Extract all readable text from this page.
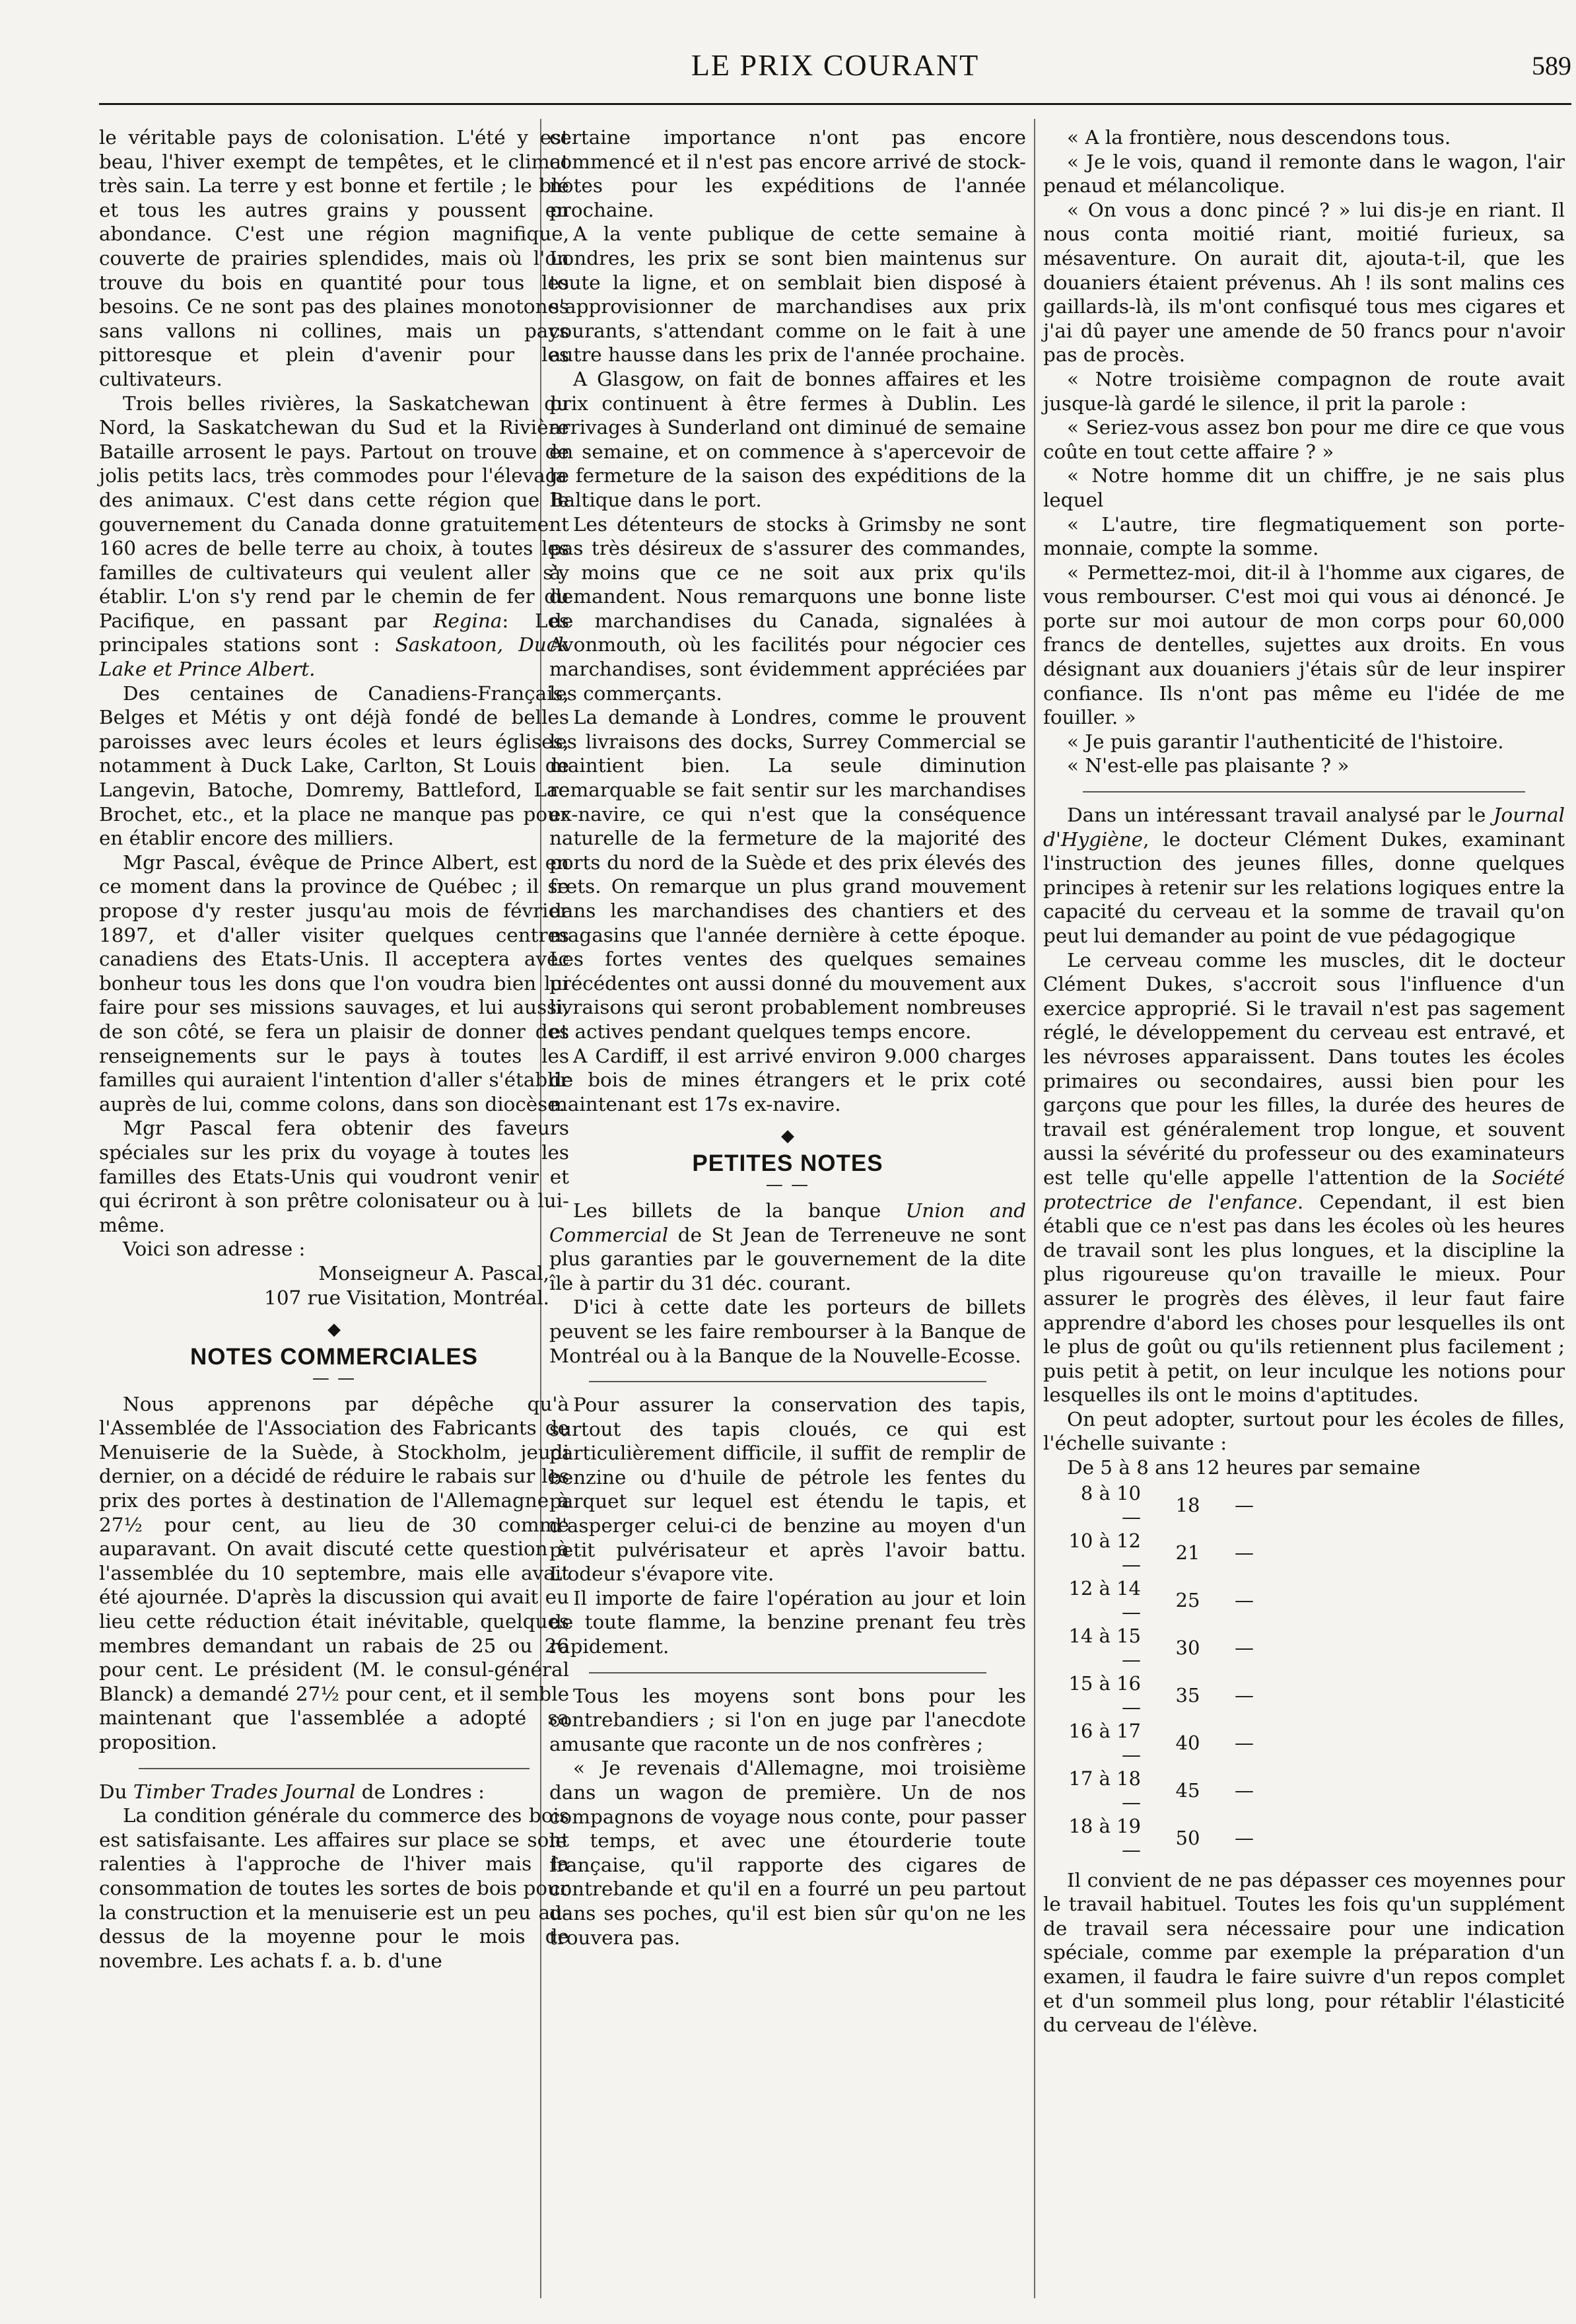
LE PRIX COURANT	589

le véritable pays de colonisation. L'été y est beau, l'hiver exempt de tempêtes, et le climat très sain. La terre y est bonne et fertile ; le blé et tous les autres grains y poussent en abondance. C'est une région magnifique, couverte de prairies splendides, mais où l'on trouve du bois en quantité pour tous les besoins. Ce ne sont pas des plaines monotones sans vallons ni collines, mais un pays pittoresque et plein d'avenir pour les cultivateurs.

Trois belles rivières, la Saskatchewan du Nord, la Saskatchewan du Sud et la Rivière Bataille arrosent le pays. Partout on trouve de jolis petits lacs, très commodes pour l'élevage des animaux. C'est dans cette région que le gouvernement du Canada donne gratuitement 160 acres de belle terre au choix, à toutes les familles de cultivateurs qui veulent aller s'y établir. L'on s'y rend par le chemin de fer du Pacifique, en passant par Regina: Les principales stations sont : Saskatoon, Duck Lake et Prince Albert.

Des centaines de Canadiens-Français, Belges et Métis y ont déjà fondé de belles paroisses avec leurs écoles et leurs églises, notamment à Duck Lake, Carlton, St Louis de Langevin, Batoche, Domremy, Battleford, Lac Brochet, etc., et la place ne manque pas pour en établir encore des milliers.

Mgr Pascal, évêque de Prince Albert, est en ce moment dans la province de Québec ; il se propose d'y rester jusqu'au mois de février 1897, et d'aller visiter quelques centres canadiens des Etats-Unis. Il acceptera avec bonheur tous les dons que l'on voudra bien lui faire pour ses missions sauvages, et lui aussi, de son côté, se fera un plaisir de donner des renseignements sur le pays à toutes les familles qui auraient l'intention d'aller s'établir auprès de lui, comme colons, dans son diocèse.

Mgr Pascal fera obtenir des faveurs spéciales sur les prix du voyage à toutes les familles des Etats-Unis qui voudront venir et qui écriront à son prêtre colonisateur ou à lui-même.

Voici son adresse :

Monseigneur A. Pascal,

107 rue Visitation, Montréal.

◆
NOTES COMMERCIALES
— —

Nous apprenons par dépêche qu'à l'Assemblée de l'Association des Fabricants de Menuiserie de la Suède, à Stockholm, jeudi dernier, on a décidé de réduire le rabais sur les prix des portes à destination de l'Allemagne à 27½ pour cent, au lieu de 30 comme auparavant. On avait discuté cette question à l'assemblée du 10 septembre, mais elle avait été ajournée. D'après la discussion qui avait eu lieu cette réduction était inévitable, quelques membres demandant un rabais de 25 ou 26 pour cent. Le président (M. le consul-général Blanck) a demandé 27½ pour cent, et il semble maintenant que l'assemblée a adopté sa proposition.

Du Timber Trades Journal de Londres :

La condition générale du commerce des bois est satisfaisante. Les affaires sur place se sont ralenties à l'approche de l'hiver mais la consommation de toutes les sortes de bois pour la construction et la menuiserie est un peu au-dessus de la moyenne pour le mois de novembre. Les achats f. a. b. d'une

certaine importance n'ont pas encore commencé et il n'est pas encore arrivé de stock-notes pour les expéditions de l'année prochaine.

A la vente publique de cette semaine à Londres, les prix se sont bien maintenus sur toute la ligne, et on semblait bien disposé à s'approvisionner de marchandises aux prix courants, s'attendant comme on le fait à une autre hausse dans les prix de l'année prochaine.

A Glasgow, on fait de bonnes affaires et les prix continuent à être fermes à Dublin. Les arrivages à Sunderland ont diminué de semaine en semaine, et on commence à s'apercevoir de la fermeture de la saison des expéditions de la Baltique dans le port.

Les détenteurs de stocks à Grimsby ne sont pas très désireux de s'assurer des commandes, à moins que ce ne soit aux prix qu'ils demandent. Nous remarquons une bonne liste de marchandises du Canada, signalées à Avonmouth, où les facilités pour négocier ces marchandises, sont évidemment appréciées par les commerçants.

La demande à Londres, comme le prouvent les livraisons des docks, Surrey Commercial se maintient bien. La seule diminution remarquable se fait sentir sur les marchandises ex-navire, ce qui n'est que la conséquence naturelle de la fermeture de la majorité des ports du nord de la Suède et des prix élevés des frets. On remarque un plus grand mouvement dans les marchandises des chantiers et des magasins que l'année dernière à cette époque. Les fortes ventes des quelques semaines précédentes ont aussi donné du mouvement aux livraisons qui seront probablement nombreuses et actives pendant quelques temps encore.

A Cardiff, il est arrivé environ 9.000 charges de bois de mines étrangers et le prix coté maintenant est 17s ex-navire.

◆
PETITES NOTES
— —

Les billets de la banque Union and Commercial de St Jean de Terreneuve ne sont plus garanties par le gouvernement de la dite île à partir du 31 déc. courant.

D'ici à cette date les porteurs de billets peuvent se les faire rembourser à la Banque de Montréal ou à la Banque de la Nouvelle-Ecosse.

Pour assurer la conservation des tapis, surtout des tapis cloués, ce qui est particulièrement difficile, il suffit de remplir de benzine ou d'huile de pétrole les fentes du parquet sur lequel est étendu le tapis, et d'asperger celui-ci de benzine au moyen d'un petit pulvérisateur et après l'avoir battu. L'odeur s'évapore vite.

Il importe de faire l'opération au jour et loin de toute flamme, la benzine prenant feu très rapidement.

Tous les moyens sont bons pour les contrebandiers ; si l'on en juge par l'anecdote amusante que raconte un de nos confrères ;

« Je revenais d'Allemagne, moi troisième dans un wagon de première. Un de nos compagnons de voyage nous conte, pour passer le temps, et avec une étourderie toute française, qu'il rapporte des cigares de contrebande et qu'il en a fourré un peu partout dans ses poches, qu'il est bien sûr qu'on ne les trouvera pas.

« A la frontière, nous descendons tous.

« Je le vois, quand il remonte dans le wagon, l'air penaud et mélancolique.

« On vous a donc pincé ? » lui dis-je en riant. Il nous conta moitié riant, moitié furieux, sa mésaventure. On aurait dit, ajouta-t-il, que les douaniers étaient prévenus. Ah ! ils sont malins ces gaillards-là, ils m'ont confisqué tous mes cigares et j'ai dû payer une amende de 50 francs pour n'avoir pas de procès.

« Notre troisième compagnon de route avait jusque-là gardé le silence, il prit la parole :

« Seriez-vous assez bon pour me dire ce que vous coûte en tout cette affaire ? »

« Notre homme dit un chiffre, je ne sais plus lequel

« L'autre, tire flegmatiquement son porte-monnaie, compte la somme.

« Permettez-moi, dit-il à l'homme aux cigares, de vous rembourser. C'est moi qui vous ai dénoncé. Je porte sur moi autour de mon corps pour 60,000 francs de dentelles, sujettes aux droits. En vous désignant aux douaniers j'étais sûr de leur inspirer confiance. Ils n'ont pas même eu l'idée de me fouiller. »

« Je puis garantir l'authenticité de l'histoire.

« N'est-elle pas plaisante ? »

Dans un intéressant travail analysé par le Journal d'Hygiène, le docteur Clément Dukes, examinant l'instruction des jeunes filles, donne quelques principes à retenir sur les relations logiques entre la capacité du cerveau et la somme de travail qu'on peut lui demander au point de vue pédagogique

Le cerveau comme les muscles, dit le docteur Clément Dukes, s'accroit sous l'influence d'un exercice approprié. Si le travail n'est pas sagement réglé, le développement du cerveau est entravé, et les névroses apparaissent. Dans toutes les écoles primaires ou secondaires, aussi bien pour les garçons que pour les filles, la durée des heures de travail est généralement trop longue, et souvent aussi la sévérité du professeur ou des examinateurs est telle qu'elle appelle l'attention de la Société protectrice de l'enfance. Cependant, il est bien établi que ce n'est pas dans les écoles où les heures de travail sont les plus longues, et la discipline la plus rigoureuse qu'on travaille le mieux. Pour assurer le progrès des élèves, il leur faut faire apprendre d'abord les choses pour lesquelles ils ont le plus de goût ou qu'ils retiennent plus facilement ; puis petit à petit, on leur inculque les notions pour lesquelles ils ont le moins d'aptitudes.

On peut adopter, surtout pour les écoles de filles, l'échelle suivante :

De 5 à 8 ans 12 heures par semaine

8 à 10 —	18	—
10 à 12 —	21	—
12 à 14 —	25	—
14 à 15 —	30	—
15 à 16 —	35	—
16 à 17 —	40	—
17 à 18 —	45	—
18 à 19 —	50	—

Il convient de ne pas dépasser ces moyennes pour le travail habituel. Toutes les fois qu'un supplément de travail sera nécessaire pour une indication spéciale, comme par exemple la préparation d'un examen, il faudra le faire suivre d'un repos complet et d'un sommeil plus long, pour rétablir l'élasticité du cerveau de l'élève.
